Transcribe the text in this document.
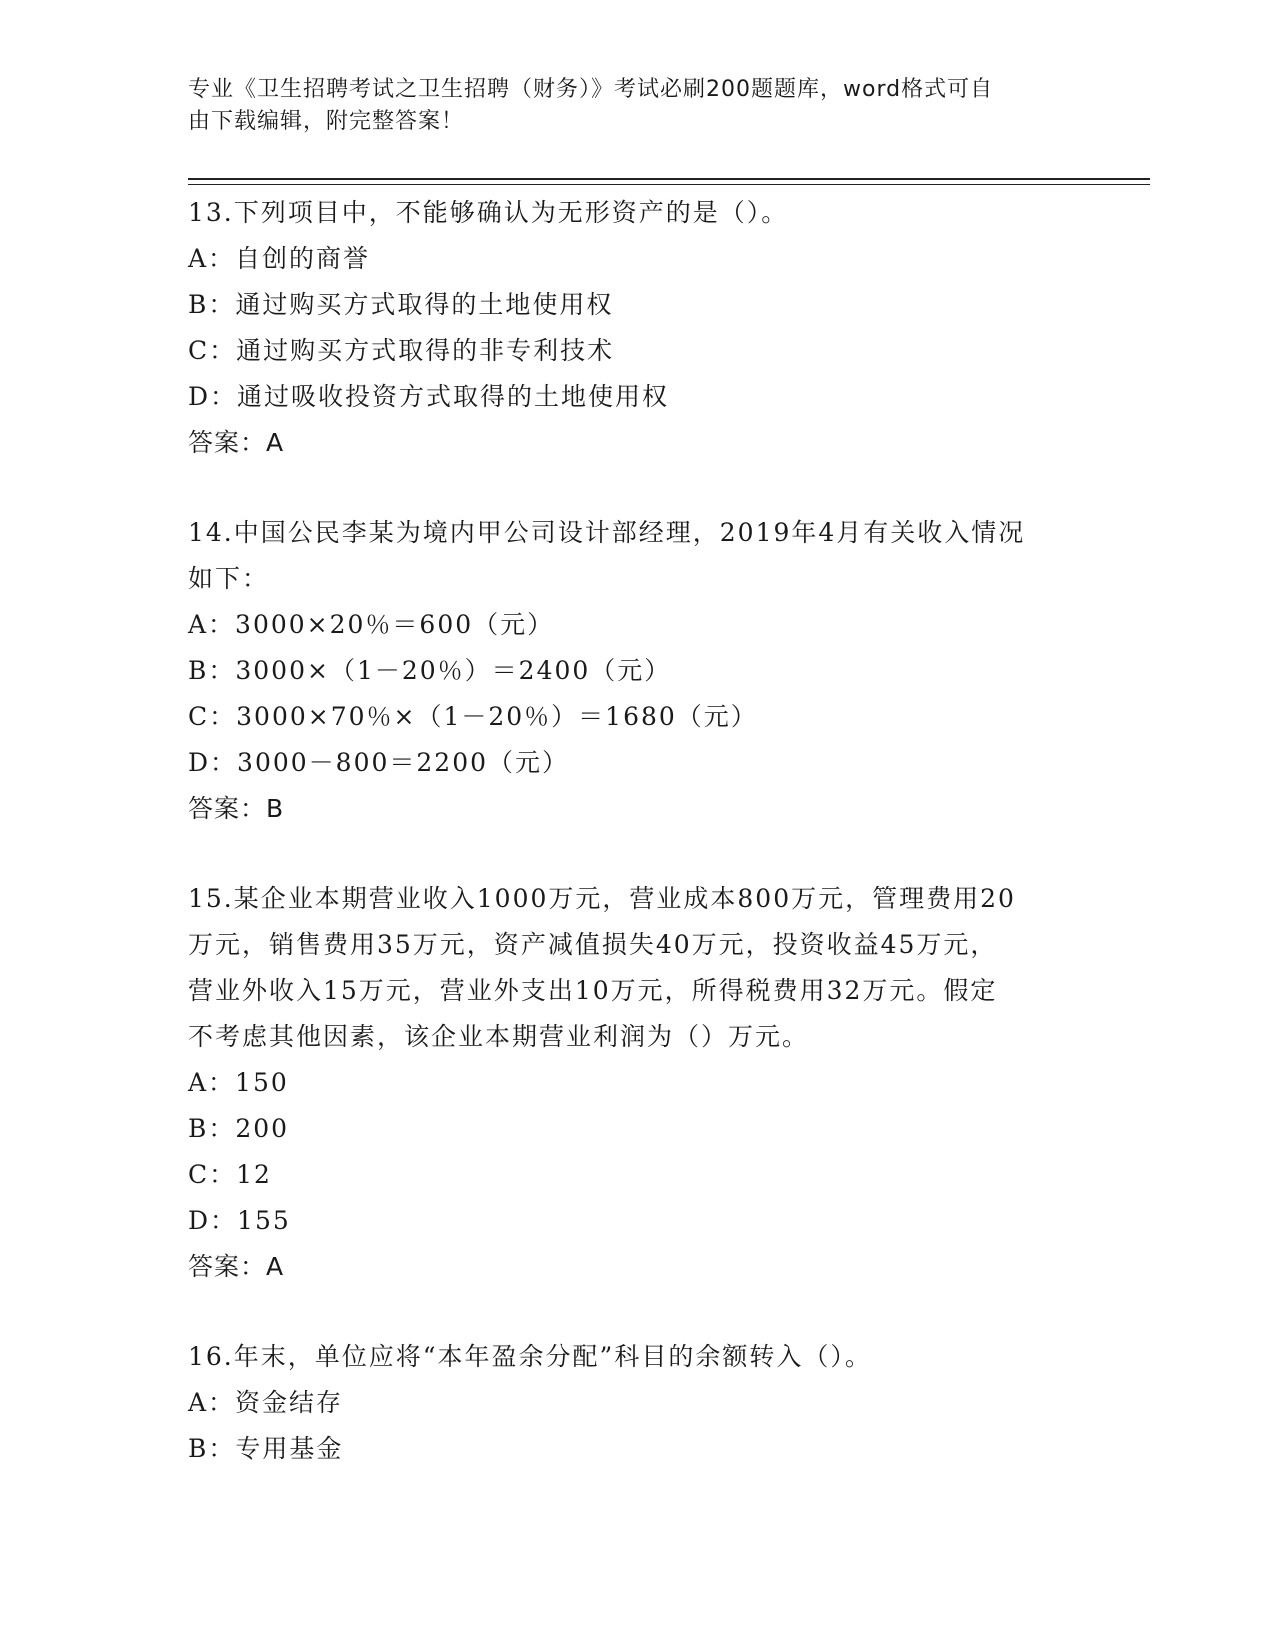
专业《卫生招聘考试之卫生招聘（财务）》考试必刷200题题库，word格式可自
由下载编辑，附完整答案！

13.下列项目中，不能够确认为无形资产的是（）。

A：自创的商誉

B：通过购买方式取得的土地使用权

C：通过购买方式取得的非专利技术

D：通过吸收投资方式取得的土地使用权

答案：A

14.中国公民李某为境内甲公司设计部经理，2019年4月有关收入情况

如下：

A：3000×20％＝600（元）

B：3000×（1－20％）＝2400（元）

C：3000×70％×（1－20％）＝1680（元）

D：3000－800＝2200（元）

答案：B

15.某企业本期营业收入1000万元，营业成本800万元，管理费用20

万元，销售费用35万元，资产减值损失40万元，投资收益45万元，

营业外收入15万元，营业外支出10万元，所得税费用32万元。假定

不考虑其他因素，该企业本期营业利润为（）万元。

A：150

B：200

C：12

D：155

答案：A

16.年末，单位应将“本年盈余分配”科目的余额转入（）。

A：资金结存

B：专用基金
